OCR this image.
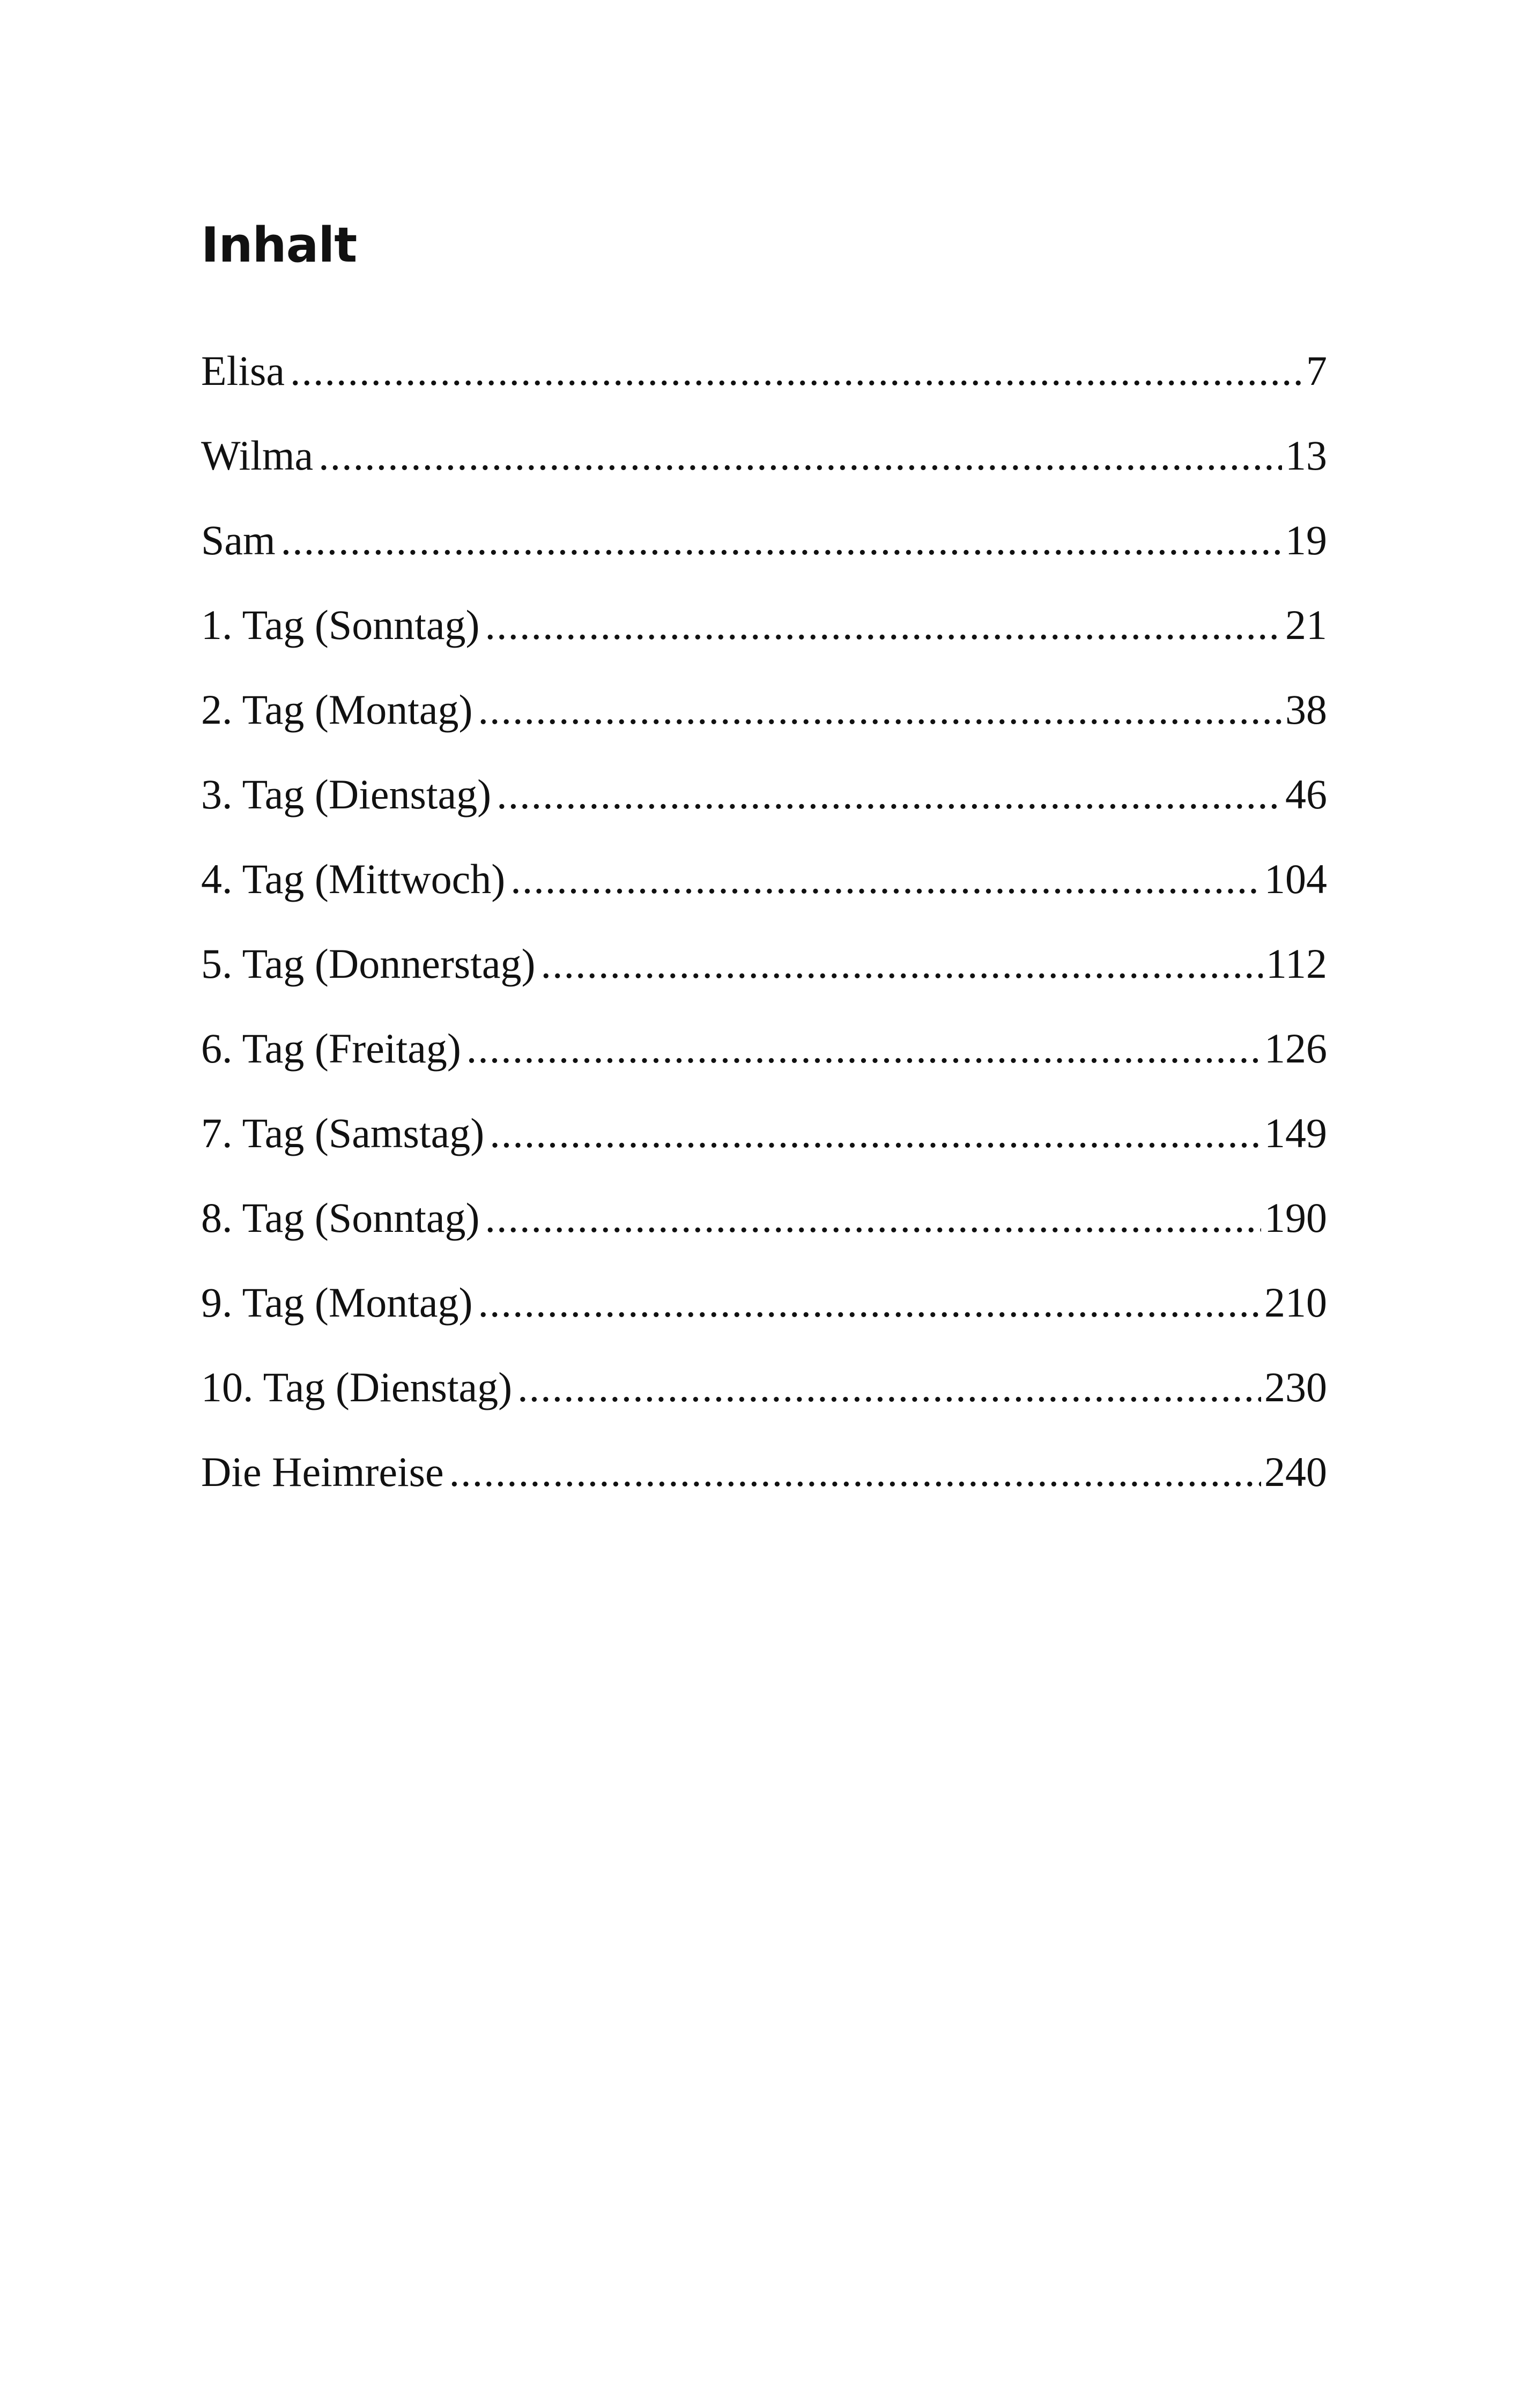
Inhalt
Elisa .....	7
Wilma .....	13
Sam .....	19
1. Tag (Sonntag) .....	21
2. Tag (Montag) .....	38
3. Tag (Dienstag) .....	46
4. Tag (Mittwoch) .....	104
5. Tag (Donnerstag) .....	112
6. Tag (Freitag) .....	126
7. Tag (Samstag) .....	149
8. Tag (Sonntag) .....	190
9. Tag (Montag) .....	210
10. Tag (Dienstag) .....	230
Die Heimreise .....	240
